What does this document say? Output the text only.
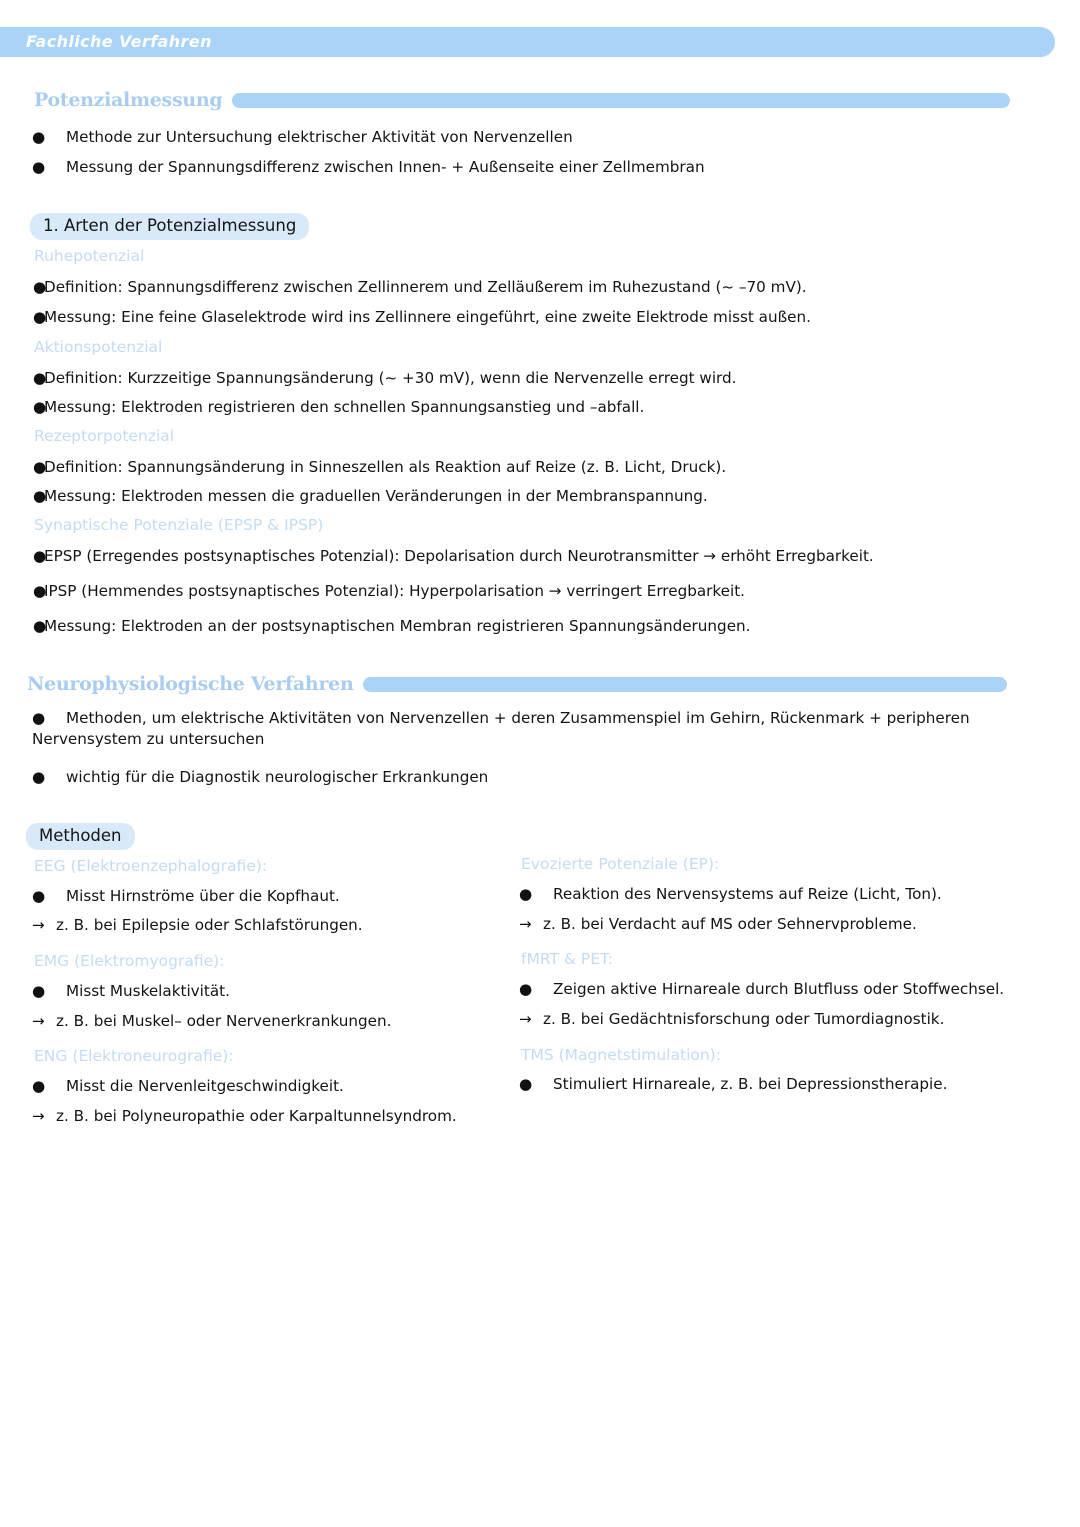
Fachliche Verfahren
Potenzialmessung
● Methode zur Untersuchung elektrischer Aktivität von Nervenzellen
● Messung der Spannungsdifferenz zwischen Innen- + Außenseite einer Zellmembran
1. Arten der Potenzialmessung
Ruhepotenzial
●Definition: Spannungsdifferenz zwischen Zellinnerem und Zelläußerem im Ruhezustand (~ –70 mV).
●Messung: Eine feine Glaselektrode wird ins Zellinnere eingeführt, eine zweite Elektrode misst außen.
Aktionspotenzial
●Definition: Kurzzeitige Spannungsänderung (~ +30 mV), wenn die Nervenzelle erregt wird.
●Messung: Elektroden registrieren den schnellen Spannungsanstieg und –abfall.
Rezeptorpotenzial
●Definition: Spannungsänderung in Sinneszellen als Reaktion auf Reize (z. B. Licht, Druck).
●Messung: Elektroden messen die graduellen Veränderungen in der Membranspannung.
Synaptische Potenziale (EPSP & IPSP)
●EPSP (Erregendes postsynaptisches Potenzial): Depolarisation durch Neurotransmitter → erhöht Erregbarkeit.
●IPSP (Hemmendes postsynaptisches Potenzial): Hyperpolarisation → verringert Erregbarkeit.
●Messung: Elektroden an der postsynaptischen Membran registrieren Spannungsänderungen.
Neurophysiologische Verfahren
● Methoden, um elektrische Aktivitäten von Nervenzellen + deren Zusammenspiel im Gehirn, Rückenmark + peripheren Nervensystem zu untersuchen
● wichtig für die Diagnostik neurologischer Erkrankungen
Methoden
EEG (Elektroenzephalografie):
● Misst Hirnströme über die Kopfhaut.
→ z. B. bei Epilepsie oder Schlafstörungen.
EMG (Elektromyografie):
● Misst Muskelaktivität.
→ z. B. bei Muskel– oder Nervenerkrankungen.
ENG (Elektroneurografie):
● Misst die Nervenleitgeschwindigkeit.
→ z. B. bei Polyneuropathie oder Karpaltunnelsyndrom.
Evozierte Potenziale (EP):
● Reaktion des Nervensystems auf Reize (Licht, Ton).
→ z. B. bei Verdacht auf MS oder Sehnervprobleme.
fMRT & PET:
● Zeigen aktive Hirnareale durch Blutfluss oder Stoffwechsel.
→ z. B. bei Gedächtnisforschung oder Tumordiagnostik.
TMS (Magnetstimulation):
● Stimuliert Hirnareale, z. B. bei Depressionstherapie.
